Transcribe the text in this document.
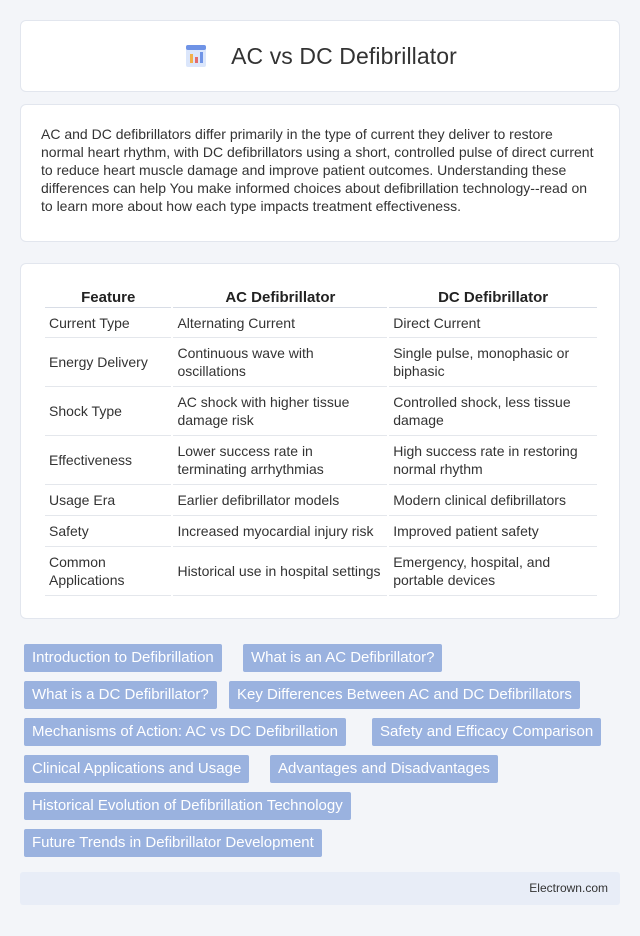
AC vs DC Defibrillator

AC and DC defibrillators differ primarily in the type of current they deliver to restore normal heart rhythm, with DC defibrillators using a short, controlled pulse of direct current to reduce heart muscle damage and improve patient outcomes. Understanding these differences can help You make informed choices about defibrillation technology--read on to learn more about how each type impacts treatment effectiveness.

Feature	AC Defibrillator	DC Defibrillator
Current Type	Alternating Current	Direct Current
Energy Delivery	Continuous wave with oscillations	Single pulse, monophasic or biphasic
Shock Type	AC shock with higher tissue damage risk	Controlled shock, less tissue damage
Effectiveness	Lower success rate in terminating arrhythmias	High success rate in restoring normal rhythm
Usage Era	Earlier defibrillator models	Modern clinical defibrillators
Safety	Increased myocardial injury risk	Improved patient safety
Common Applications	Historical use in hospital settings	Emergency, hospital, and portable devices
Introduction to Defibrillation	What is an AC Defibrillator?
What is a DC Defibrillator?	Key Differences Between AC and DC Defibrillators
Mechanisms of Action: AC vs DC Defibrillation	Safety and Efficacy Comparison
Clinical Applications and Usage	Advantages and Disadvantages
Historical Evolution of Defibrillation Technology
Future Trends in Defibrillator Development
Electrown.com
